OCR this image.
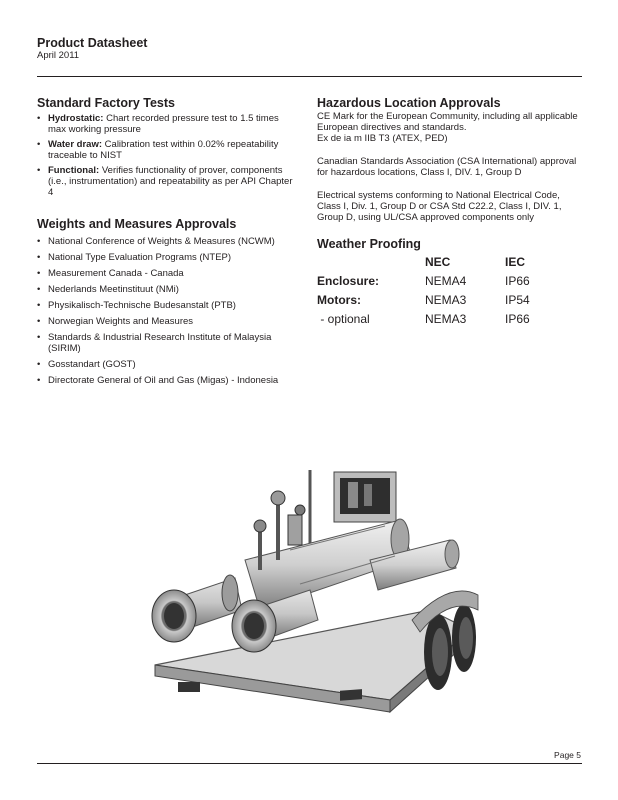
Product Datasheet
April 2011
Standard Factory Tests
• Hydrostatic: Chart recorded pressure test to 1.5 times max working pressure
• Water draw: Calibration test within 0.02% repeatability traceable to NIST
• Functional: Verifies functionality of prover, components (i.e., instrumentation) and repeatability as per API Chapter 4
Weights and Measures Approvals
• National Conference of Weights & Measures (NCWM)
• National Type Evaluation Programs (NTEP)
• Measurement Canada - Canada
• Nederlands Meetinstituut (NMi)
• Physikalisch-Technische Budesanstalt (PTB)
• Norwegian Weights and Measures
• Standards & Industrial Research Institute of Malaysia (SIRIM)
• Gosstandart (GOST)
• Directorate General of Oil and Gas (Migas) - Indonesia
Hazardous Location Approvals

CE Mark for the European Community, including all applicable European directives and standards.
Ex de ia m IIB T3 (ATEX, PED)

Canadian Standards Association (CSA International) approval for hazardous locations, Class I, DIV. 1, Group D

Electrical systems conforming to National Electrical Code, Class I, Div. 1, Group D or CSA Std C22.2, Class I, DIV. 1, Group D, using UL/CSA approved components only

Weather Proofing
	NEC	IEC
Enclosure:	NEMA4	IP66
Motors:	NEMA3	IP54
- optional	NEMA3	IP66
Page 5
